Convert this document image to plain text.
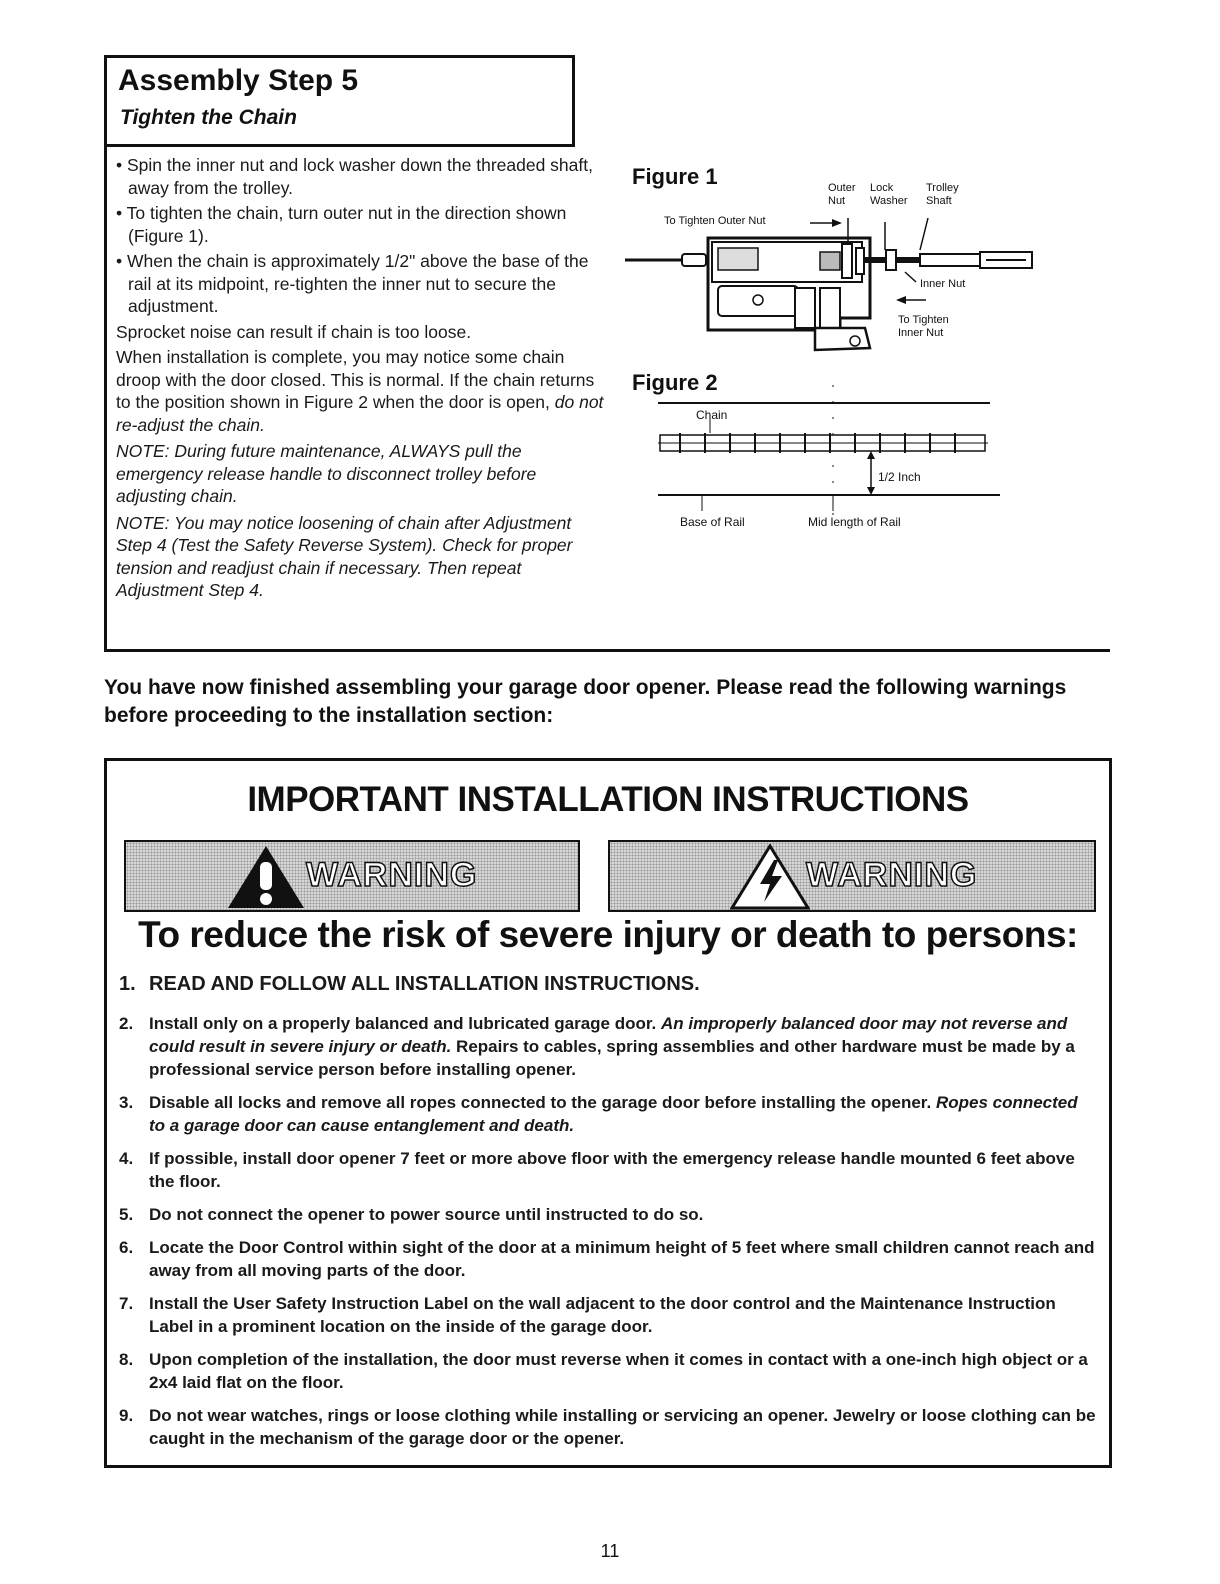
Assembly Step 5
Tighten the Chain

• Spin the inner nut and lock washer down the threaded shaft, away from the trolley.

• To tighten the chain, turn outer nut in the direction shown (Figure 1).

• When the chain is approximately 1/2" above the base of the rail at its midpoint, re-tighten the inner nut to secure the adjustment.

Sprocket noise can result if chain is too loose.

When installation is complete, you may notice some chain droop with the door closed. This is normal. If the chain returns to the position shown in Figure 2 when the door is open, do not re-adjust the chain.

NOTE: During future maintenance, ALWAYS pull the emergency release handle to disconnect trolley before adjusting chain.

NOTE: You may notice loosening of chain after Adjustment Step 4 (Test the Safety Reverse System). Check for proper tension and readjust chain if necessary. Then repeat Adjustment Step 4.

Figure 1	Outer Nut
Lock Washer
Trolley Shaft
To Tighten Outer Nut
Inner Nut
To Tighten Inner Nut
Figure 2
Chain
1/2 Inch
Base of Rail	Mid length of Rail
You have now finished assembling your garage door opener. Please read the following warnings before proceeding to the installation section:
IMPORTANT INSTALLATION INSTRUCTIONS
WARNING	WARNING
To reduce the risk of severe injury or death to persons:
1. READ AND FOLLOW ALL INSTALLATION INSTRUCTIONS.
2. Install only on a properly balanced and lubricated garage door. An improperly balanced door may not reverse and could result in severe injury or death. Repairs to cables, spring assemblies and other hardware must be made by a professional service person before installing opener.
3. Disable all locks and remove all ropes connected to the garage door before installing the opener. Ropes connected to a garage door can cause entanglement and death.
4. If possible, install door opener 7 feet or more above floor with the emergency release handle mounted 6 feet above the floor.
5. Do not connect the opener to power source until instructed to do so.
6. Locate the Door Control within sight of the door at a minimum height of 5 feet where small children cannot reach and away from all moving parts of the door.
7. Install the User Safety Instruction Label on the wall adjacent to the door control and the Maintenance Instruction Label in a prominent location on the inside of the garage door.
8. Upon completion of the installation, the door must reverse when it comes in contact with a one-inch high object or a 2x4 laid flat on the floor.
9. Do not wear watches, rings or loose clothing while installing or servicing an opener. Jewelry or loose clothing can be caught in the mechanism of the garage door or the opener.
11
